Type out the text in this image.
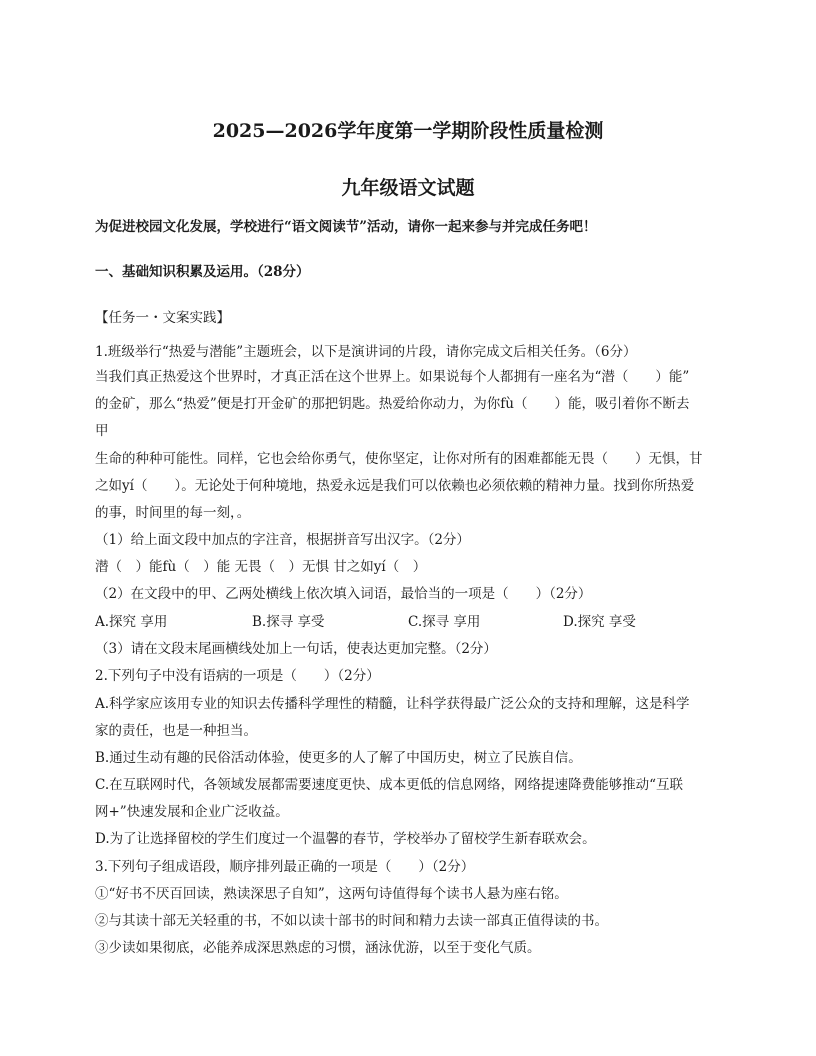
2025—2026学年度第一学期阶段性质量检测
九年级语文试题
为促进校园文化发展，学校进行“语文阅读节”活动，请你一起来参与并完成任务吧！
一、基础知识积累及运用。（28分）
【任务一・文案实践】
1.班级举行“热爱与潜能”主题班会，以下是演讲词的片段，请你完成文后相关任务。（6分）
当我们真正热爱这个世界时，才真正活在这个世界上。如果说每个人都拥有一座名为“潜（　　）能”
的金矿，那么“热爱”便是打开金矿的那把钥匙。热爱给你动力，为你fù（　　）能，吸引着你不断去
甲
生命的种种可能性。同样，它也会给你勇气，使你坚定，让你对所有的困难都能无畏（　　）无惧，甘
之如yí（　　）。无论处于何种境地，热爱永远是我们可以依赖也必须依赖的精神力量。找到你所热爱
的事，时间里的每一刻，。
（1）给上面文段中加点的字注音，根据拼音写出汉字。（2分）
潜（　）能fù（　）能 无畏（　）无惧 甘之如yí（　）
（2）在文段中的甲、乙两处横线上依次填入词语，最恰当的一项是（　　）（2分）
A.探究 享用	B.探寻 享受	C.探寻 享用	D.探究 享受
（3）请在文段末尾画横线处加上一句话，使表达更加完整。（2分）
2.下列句子中没有语病的一项是（　　）（2分）
A.科学家应该用专业的知识去传播科学理性的精髓，让科学获得最广泛公众的支持和理解，这是科学
家的责任，也是一种担当。
B.通过生动有趣的民俗活动体验，使更多的人了解了中国历史，树立了民族自信。
C.在互联网时代，各领域发展都需要速度更快、成本更低的信息网络，网络提速降费能够推动“互联
网+”快速发展和企业广泛收益。
D.为了让选择留校的学生们度过一个温馨的春节，学校举办了留校学生新春联欢会。
3.下列句子组成语段，顺序排列最正确的一项是（　　）（2分）
①“好书不厌百回读，熟读深思子自知”，这两句诗值得每个读书人悬为座右铭。
②与其读十部无关轻重的书，不如以读十部书的时间和精力去读一部真正值得读的书。
③少读如果彻底，必能养成深思熟虑的习惯，涵泳优游，以至于变化气质。
